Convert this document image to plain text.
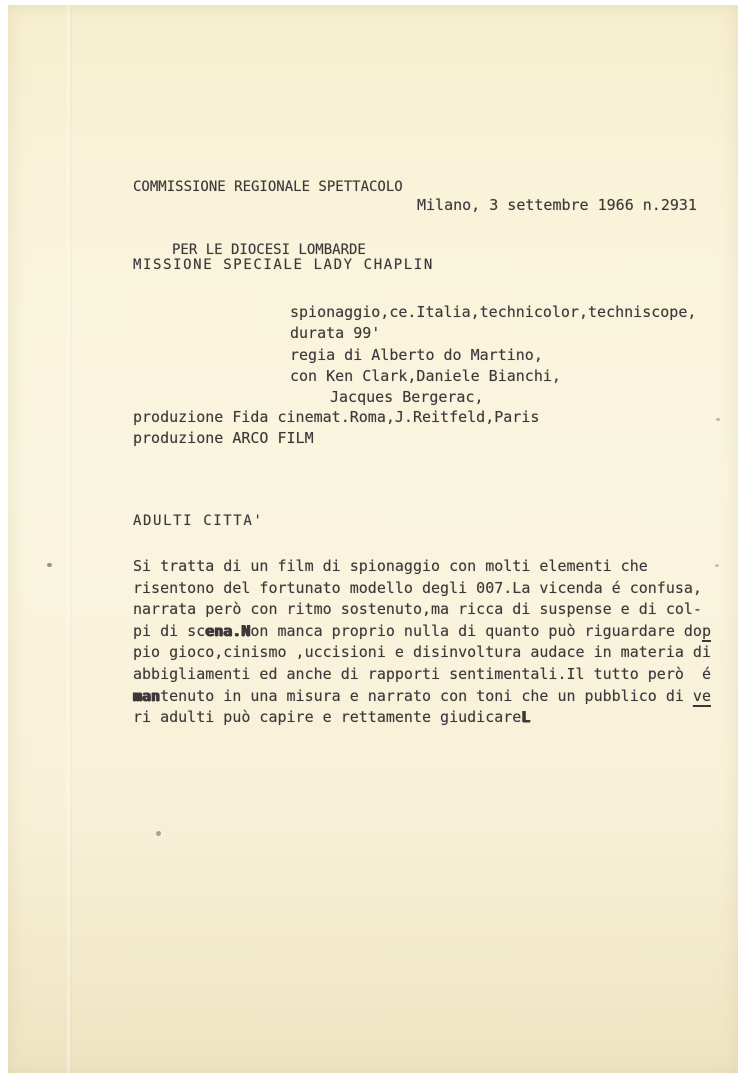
COMMISSIONE REGIONALE SPETTACOLO

PER LE DIOCESI LOMBARDE

Milano, 3 settembre 1966 n.2931
MISSIONE SPECIALE LADY CHAPLIN
spionaggio,ce.Italia,technicolor,techniscope,
durata 99'
regia di Alberto do Martino,
con Ken Clark,Daniele Bianchi,
Jacques Bergerac,
produzione Fida cinemat.Roma,J.Reitfeld,Paris
produzione ARCO FILM
ADULTI CITTA'
Si tratta di un film di spionaggio con molti elementi che
risentono del fortunato modello degli 007.La vicenda é confusa,
narrata però con ritmo sostenuto,ma ricca di suspense e di col-
pi di scena.Non manca proprio nulla di quanto può riguardare dop
pio gioco,cinismo ,uccisioni e disinvoltura audace in materia di
abbigliamenti ed anche di rapporti sentimentali.Il tutto però  é
mantenuto in una misura e narrato con toni che un pubblico di ve
ri adulti può capire e rettamente giudicareL
